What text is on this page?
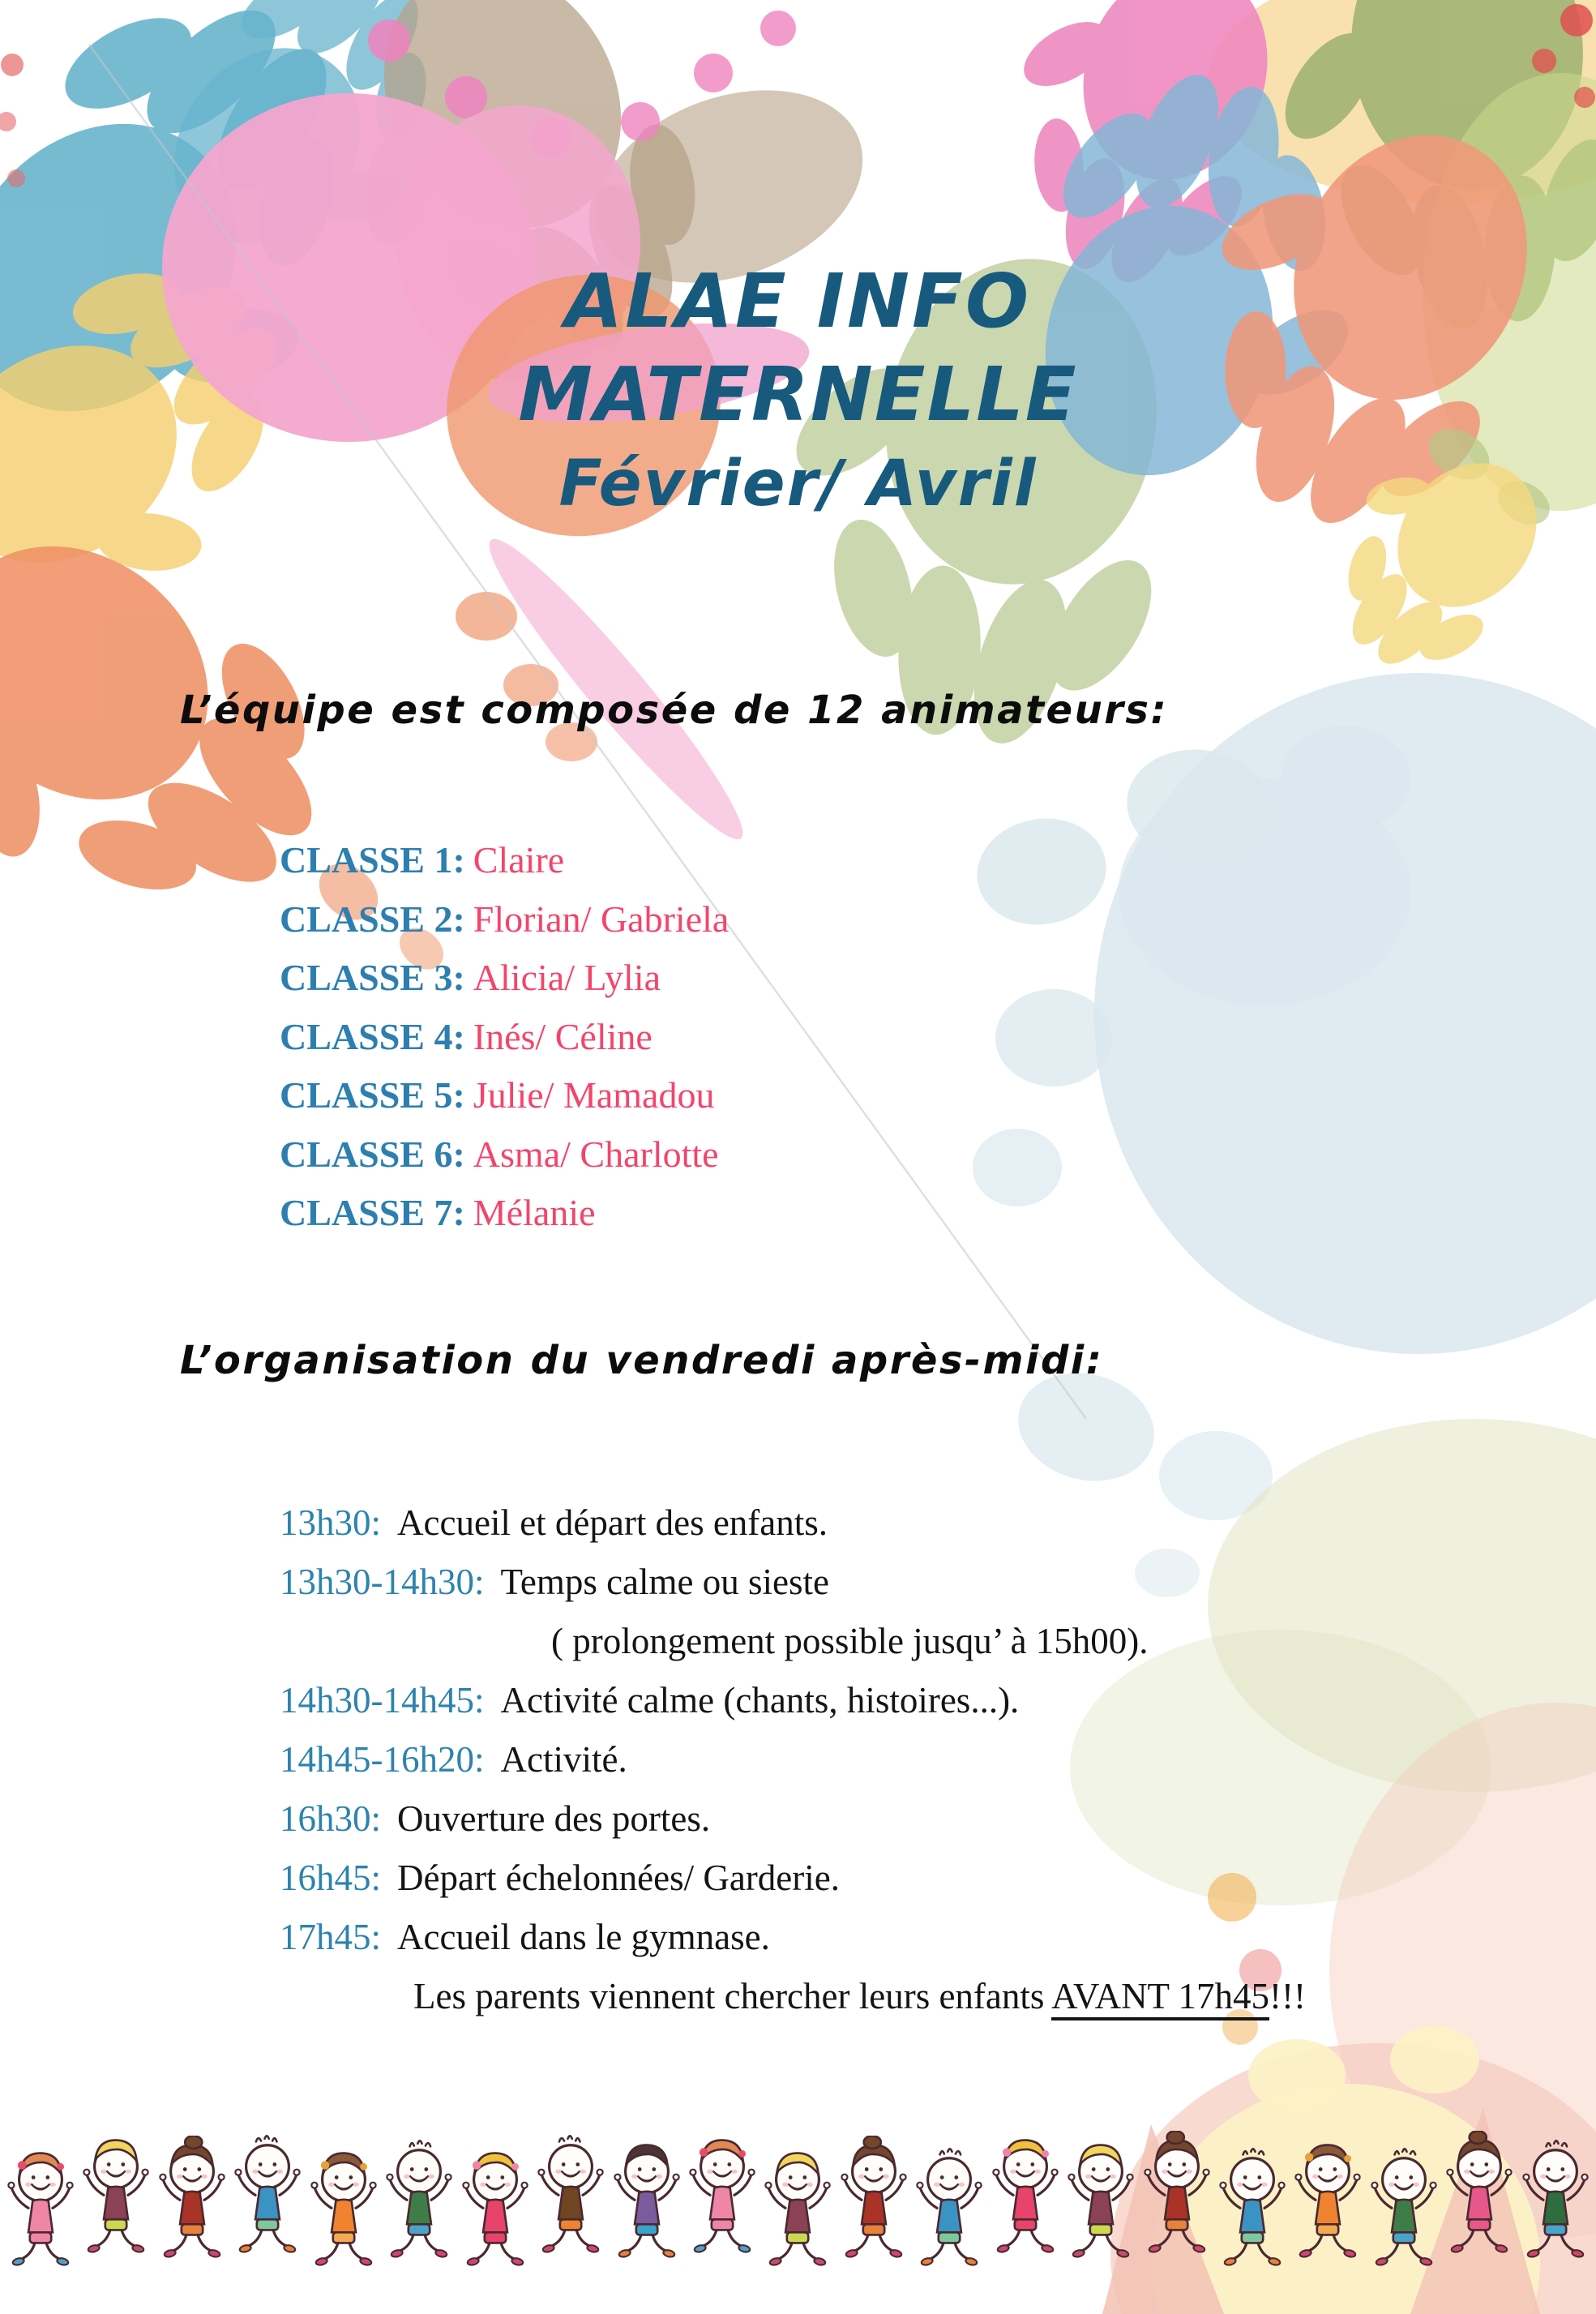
ALAE INFO
MATERNELLE
Février/ Avril
L’équipe est composée de 12 animateurs:
CLASSE 1: Claire
CLASSE 2: Florian/ Gabriela
CLASSE 3: Alicia/ Lylia
CLASSE 4: Inés/ Céline
CLASSE 5: Julie/ Mamadou
CLASSE 6: Asma/ Charlotte
CLASSE 7: Mélanie
L’organisation du vendredi après-midi:
13h30: Accueil et départ des enfants.
13h30-14h30: Temps calme ou sieste
( prolongement possible jusqu’ à 15h00).
14h30-14h45: Activité calme (chants, histoires...).
14h45-16h20: Activité.
16h30: Ouverture des portes.
16h45: Départ échelonnées/ Garderie.
17h45: Accueil dans le gymnase.
Les parents viennent chercher leurs enfants AVANT 17h45!!!
